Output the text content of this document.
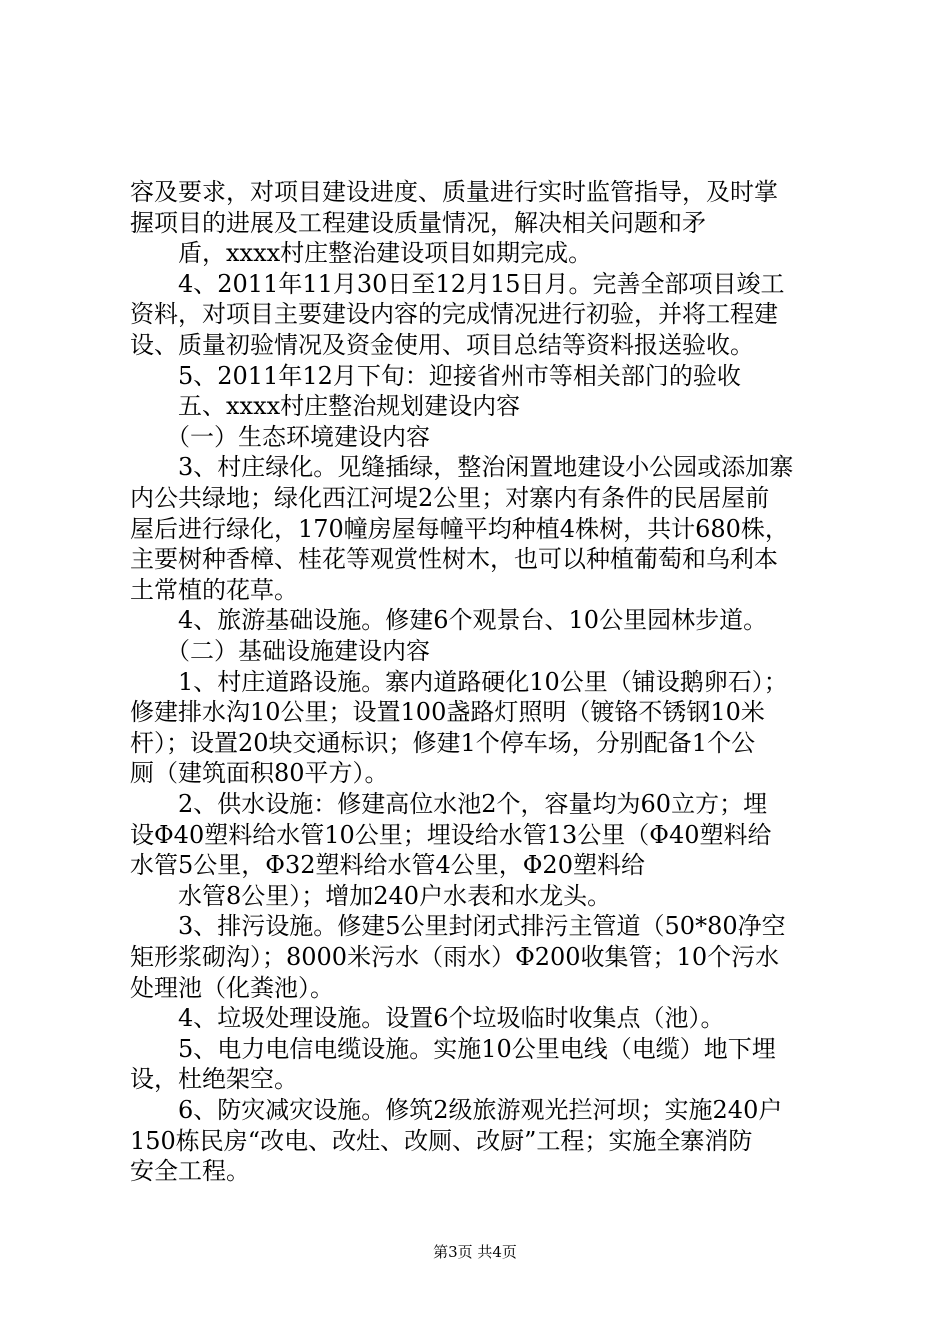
容及要求，对项目建设进度、质量进行实时监管指导，及时掌
握项目的进展及工程建设质量情况，解决相关问题和矛
　　盾，xxxx村庄整治建设项目如期完成。
　　4、2011年11月30日至12月15日月。完善全部项目竣工
资料，对项目主要建设内容的完成情况进行初验，并将工程建
设、质量初验情况及资金使用、项目总结等资料报送验收。
　　5、2011年12月下旬：迎接省州市等相关部门的验收
　　五、xxxx村庄整治规划建设内容
　　（一）生态环境建设内容
　　3、村庄绿化。见缝插绿，整治闲置地建设小公园或添加寨
内公共绿地；绿化西江河堤2公里；对寨内有条件的民居屋前
屋后进行绿化，170幢房屋每幢平均种植4株树，共计680株，
主要树种香樟、桂花等观赏性树木，也可以种植葡萄和乌利本
土常植的花草。
　　4、旅游基础设施。修建6个观景台、10公里园林步道。
　　（二）基础设施建设内容
　　1、村庄道路设施。寨内道路硬化10公里（铺设鹅卵石）；
修建排水沟10公里；设置100盏路灯照明（镀铬不锈钢10米
杆）；设置20块交通标识；修建1个停车场，分别配备1个公
厕（建筑面积80平方）。
　　2、供水设施：修建高位水池2个，容量均为60立方；埋
设Φ40塑料给水管10公里；埋设给水管13公里（Φ40塑料给
水管5公里，Φ32塑料给水管4公里，Φ20塑料给
　　水管8公里）；增加240户水表和水龙头。
　　3、排污设施。修建5公里封闭式排污主管道（50*80净空
矩形浆砌沟）；8000米污水（雨水）Φ200收集管；10个污水
处理池（化粪池）。
　　4、垃圾处理设施。设置6个垃圾临时收集点（池）。
　　5、电力电信电缆设施。实施10公里电线（电缆）地下埋
设，杜绝架空。
　　6、防灾减灾设施。修筑2级旅游观光拦河坝；实施240户
150栋民房“改电、改灶、改厕、改厨”工程；实施全寨消防
安全工程。
第3页 共4页
